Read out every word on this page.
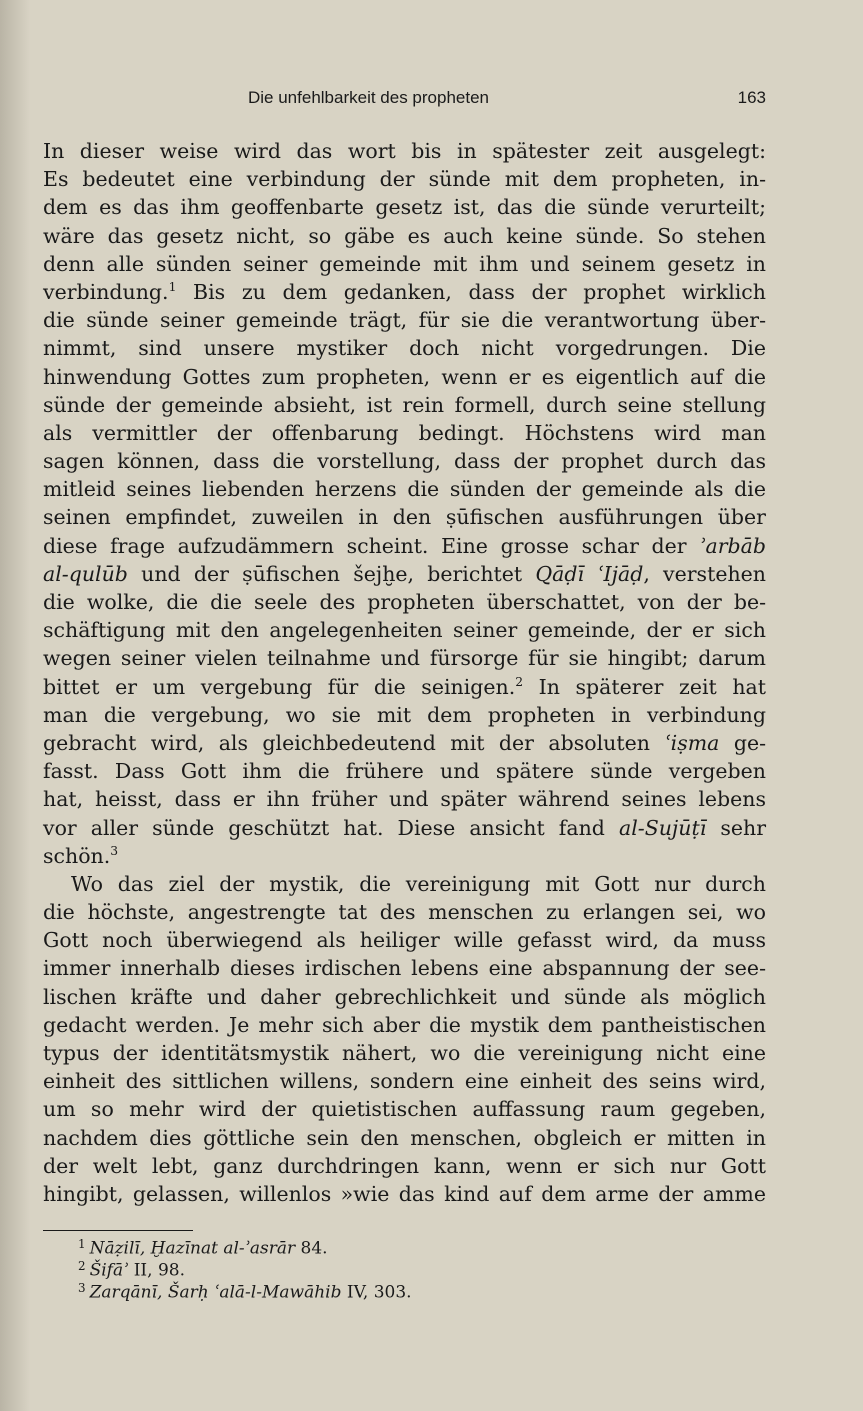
Die unfehlbarkeit des propheten	163
In dieser weise wird das wort bis in spätester zeit ausgelegt:
Es bedeutet eine verbindung der sünde mit dem propheten, in-
dem es das ihm geoffenbarte gesetz ist, das die sünde verurteilt;
wäre das gesetz nicht, so gäbe es auch keine sünde. So stehen
denn alle sünden seiner gemeinde mit ihm und seinem gesetz in
verbindung.$^1$ Bis zu dem gedanken, dass der prophet wirklich
die sünde seiner gemeinde trägt, für sie die verantwortung über-
nimmt, sind unsere mystiker doch nicht vorgedrungen. Die
hinwendung Gottes zum propheten, wenn er es eigentlich auf die
sünde der gemeinde absieht, ist rein formell, durch seine stellung
als vermittler der offenbarung bedingt. Höchstens wird man
sagen können, dass die vorstellung, dass der prophet durch das
mitleid seines liebenden herzens die sünden der gemeinde als die
seinen empfindet, zuweilen in den ṣūfischen ausführungen über
diese frage aufzudämmern scheint. Eine grosse schar der ʾarbāb
al-qulūb und der ṣūfischen šejḫe, berichtet Qāḍī ʿIjāḍ, verstehen
die wolke, die die seele des propheten überschattet, von der be-
schäftigung mit den angelegenheiten seiner gemeinde, der er sich
wegen seiner vielen teilnahme und fürsorge für sie hingibt; darum
bittet er um vergebung für die seinigen.$^2$ In späterer zeit hat
man die vergebung, wo sie mit dem propheten in verbindung
gebracht wird, als gleichbedeutend mit der absoluten ʿiṣma ge-
fasst. Dass Gott ihm die frühere und spätere sünde vergeben
hat, heisst, dass er ihn früher und später während seines lebens
vor aller sünde geschützt hat. Diese ansicht fand al-Sujūṭī sehr
schön.$^3$
Wo das ziel der mystik, die vereinigung mit Gott nur durch
die höchste, angestrengte tat des menschen zu erlangen sei, wo
Gott noch überwiegend als heiliger wille gefasst wird, da muss
immer innerhalb dieses irdischen lebens eine abspannung der see-
lischen kräfte und daher gebrechlichkeit und sünde als möglich
gedacht werden. Je mehr sich aber die mystik dem pantheistischen
typus der identitätsmystik nähert, wo die vereinigung nicht eine
einheit des sittlichen willens, sondern eine einheit des seins wird,
um so mehr wird der quietistischen auffassung raum gegeben,
nachdem dies göttliche sein den menschen, obgleich er mitten in
der welt lebt, ganz durchdringen kann, wenn er sich nur Gott
hingibt, gelassen, willenlos »wie das kind auf dem arme der amme
$^1$ Nāẓilī, Ḫazīnat al-ʾasrār 84.
$^2$ Šifāʾ II, 98.
$^3$ Zarqānī, Šarḥ ʿalā-l-Mawāhib IV, 303.
